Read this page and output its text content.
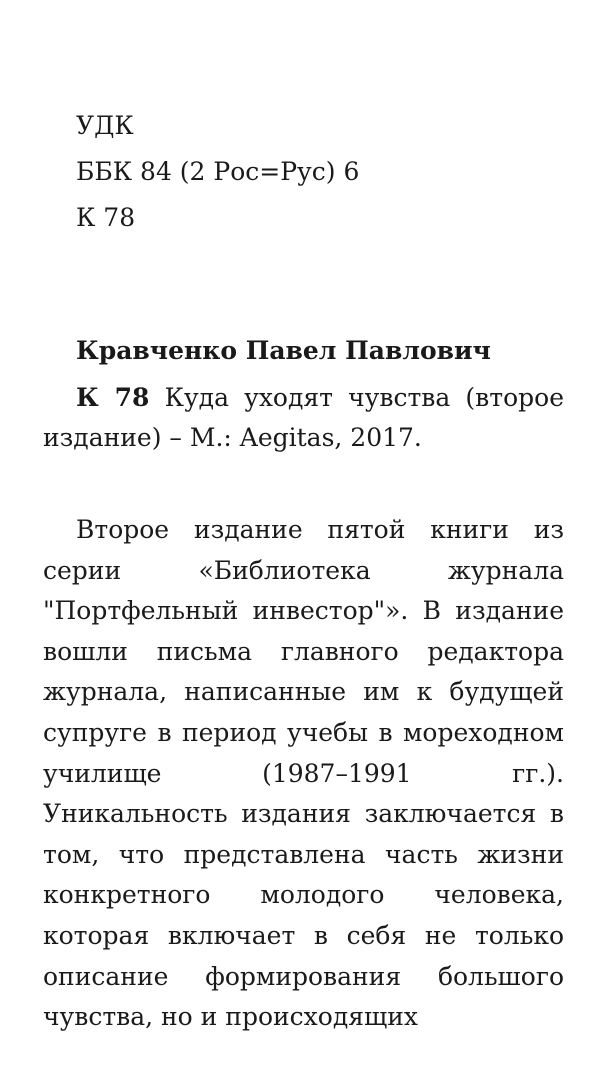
УДК
ББК 84 (2 Рос=Рус) 6
К 78
Кравченко Павел Павлович
К 78 Куда уходят чувства (второе издание) – М.: Aegitas, 2017.
Второе издание пятой книги из серии «Библиотека журнала "Портфельный инвестор"». В издание вошли письма главного редактора журнала, написанные им к будущей супруге в период учебы в мореходном училище (1987–1991 гг.). Уникальность издания заключается в том, что представлена часть жизни конкретного молодого человека, которая включает в себя не только описание формирования большого чувства, но и происходящих
